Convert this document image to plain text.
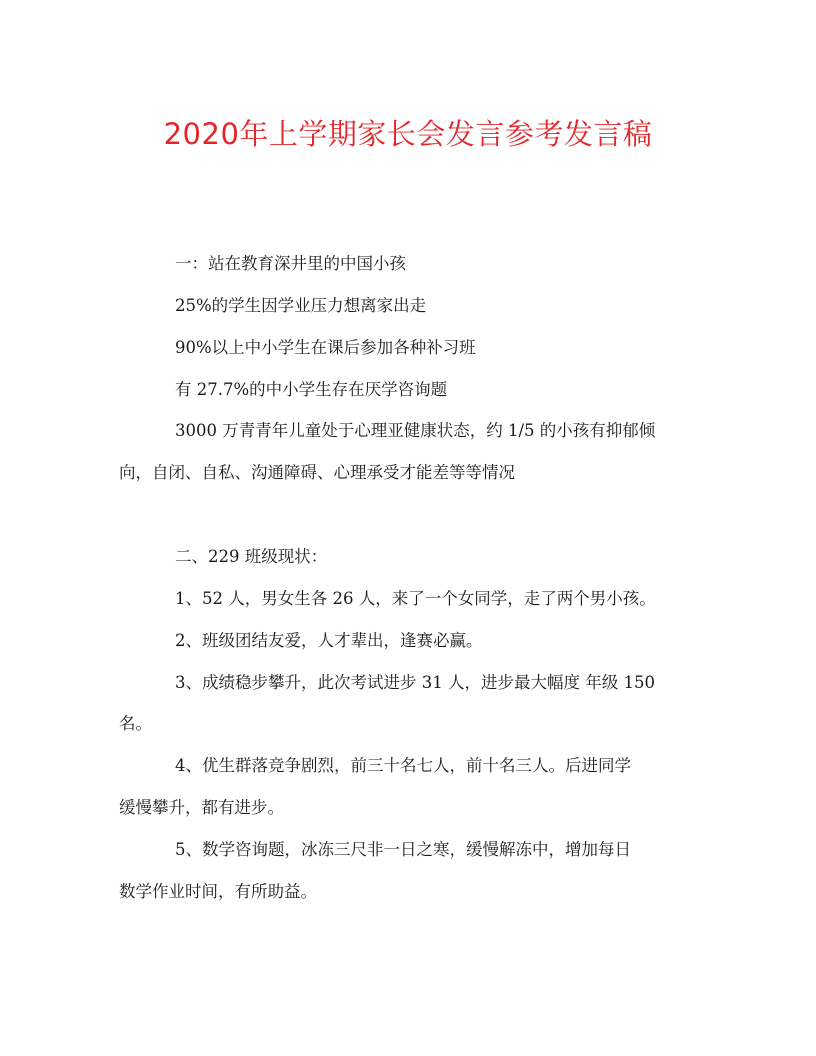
2020年上学期家长会发言参考发言稿
一：站在教育深井里的中国小孩
25%的学生因学业压力想离家出走
90%以上中小学生在课后参加各种补习班
有 27.7%的中小学生存在厌学咨询题
3000 万青青年儿童处于心理亚健康状态，约 1/5 的小孩有抑郁倾
向，自闭、自私、沟通障碍、心理承受才能差等等情况
二、229 班级现状：
1、52 人，男女生各 26 人，来了一个女同学，走了两个男小孩。
2、班级团结友爱，人才辈出，逢赛必赢。
3、成绩稳步攀升，此次考试进步 31 人，进步最大幅度 年级 150
名。
4、优生群落竞争剧烈，前三十名七人，前十名三人。后进同学
缓慢攀升，都有进步。
5、数学咨询题，冰冻三尺非一日之寒，缓慢解冻中，增加每日
数学作业时间，有所助益。
